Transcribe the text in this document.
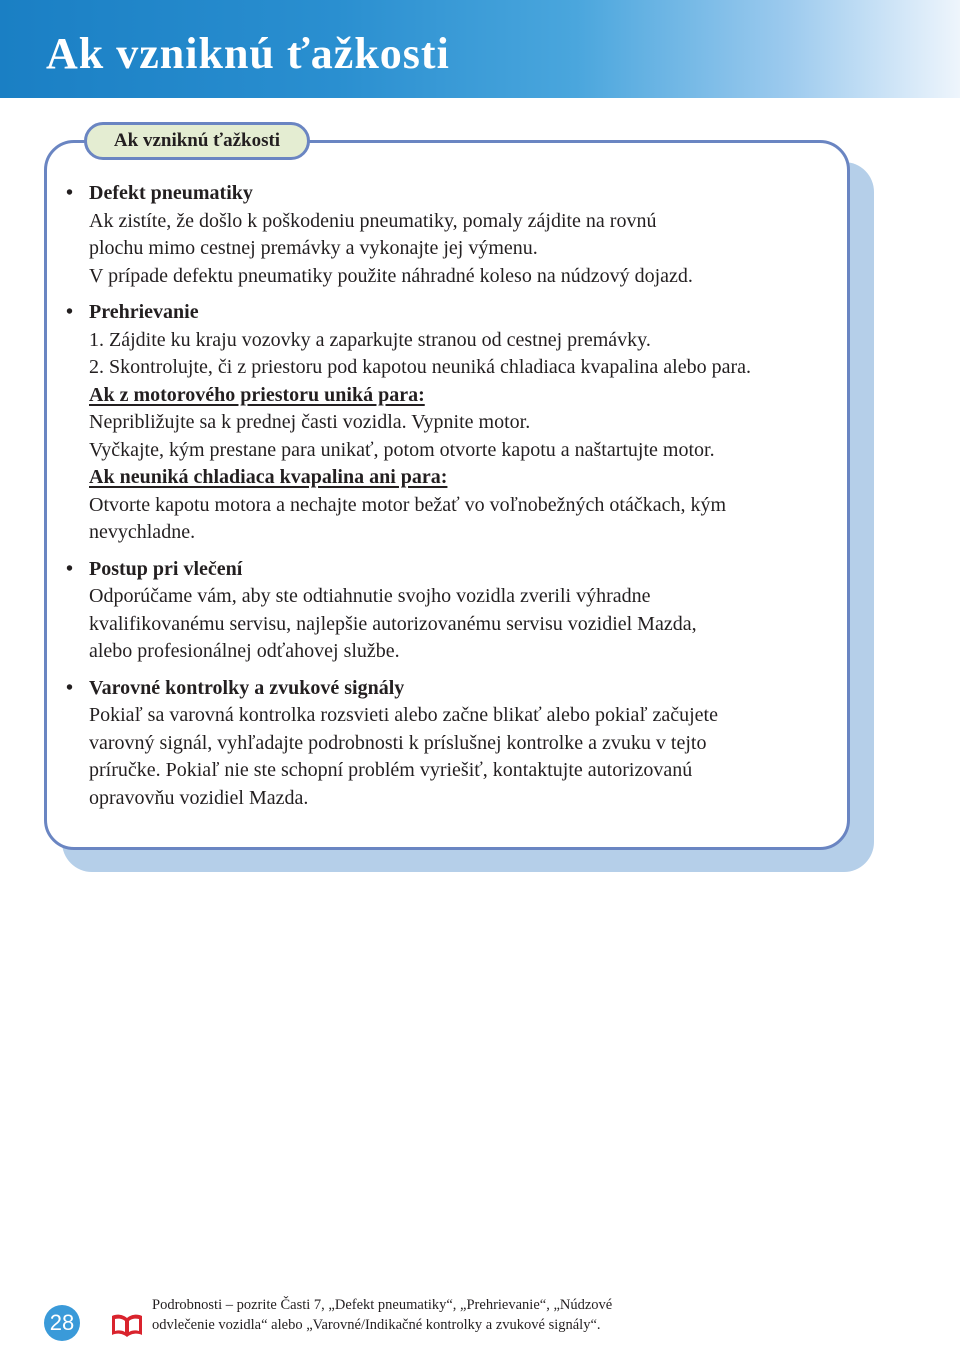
Ak vzniknú ťažkosti
Ak vzniknú ťažkosti
• Defekt pneumatiky
Ak zistíte, že došlo k poškodeniu pneumatiky, pomaly zájdite na rovnú
plochu mimo cestnej premávky a vykonajte jej výmenu.
V prípade defektu pneumatiky použite náhradné koleso na núdzový dojazd.
• Prehrievanie
1. Zájdite ku kraju vozovky a zaparkujte stranou od cestnej premávky.
2. Skontrolujte, či z priestoru pod kapotou neuniká chladiaca kvapalina alebo para.
Ak z motorového priestoru uniká para:
Nepribližujte sa k prednej časti vozidla. Vypnite motor.
Vyčkajte, kým prestane para unikať, potom otvorte kapotu a naštartujte motor.
Ak neuniká chladiaca kvapalina ani para:
Otvorte kapotu motora a nechajte motor bežať vo voľnobežných otáčkach, kým
nevychladne.
• Postup pri vlečení
Odporúčame vám, aby ste odtiahnutie svojho vozidla zverili výhradne
kvalifikovanému servisu, najlepšie autorizovanému servisu vozidiel Mazda,
alebo profesionálnej odťahovej službe.
• Varovné kontrolky a zvukové signály
Pokiaľ sa varovná kontrolka rozsvieti alebo začne blikať alebo pokiaľ začujete
varovný signál, vyhľadajte podrobnosti k príslušnej kontrolke a zvuku v tejto
príručke. Pokiaľ nie ste schopní problém vyriešiť, kontaktujte autorizovanú
opravovňu vozidiel Mazda.
28
Podrobnosti – pozrite Časti 7, „Defekt pneumatiky“, „Prehrievanie“, „Núdzové
odvlečenie vozidla“ alebo „Varovné/Indikačné kontrolky a zvukové signály“.
